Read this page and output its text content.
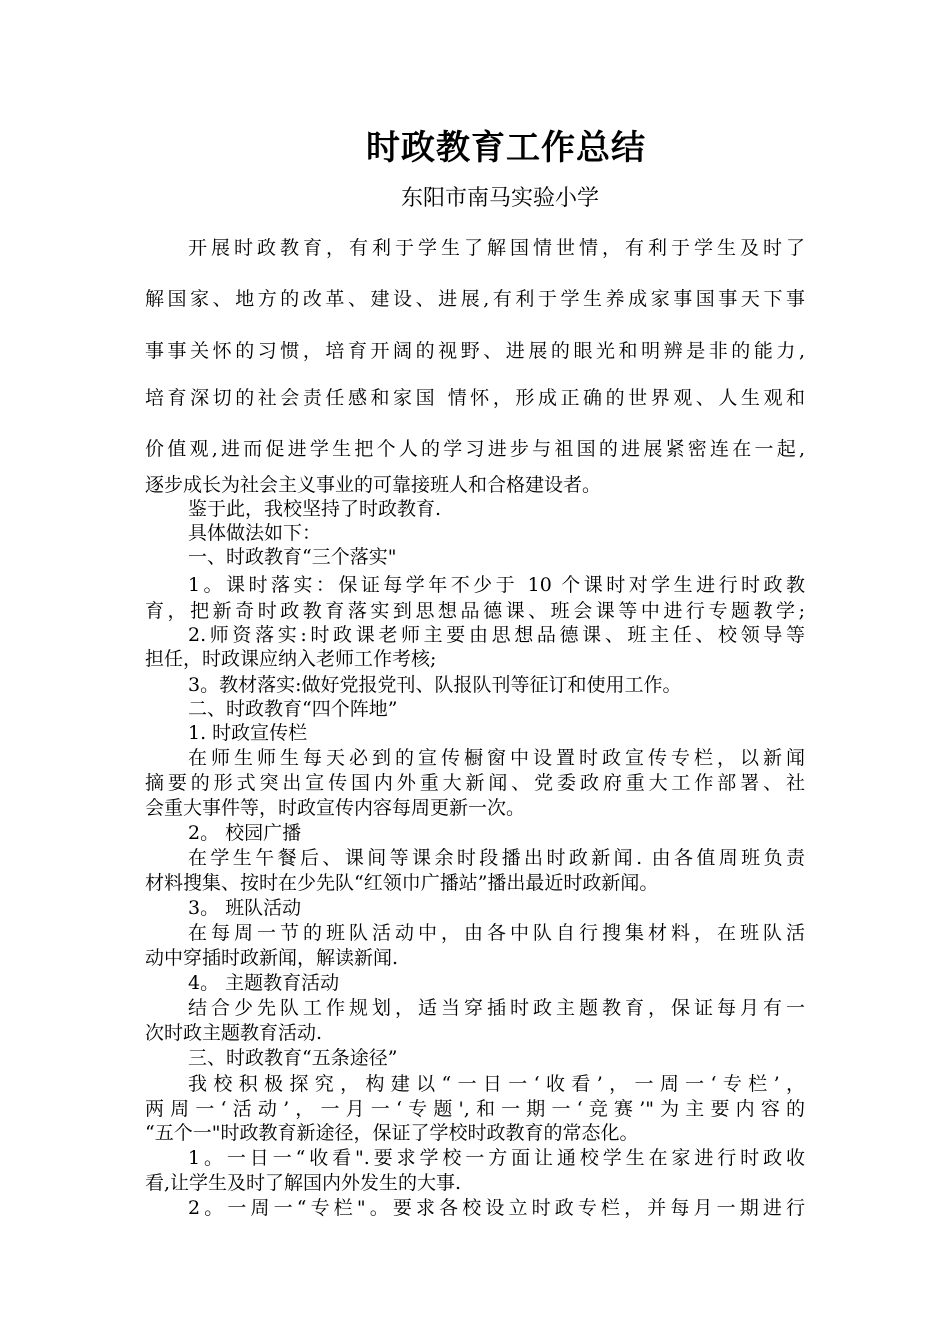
时政教育工作总结
东阳市南马实验小学
开展时政教育，有利于学生了解国情世情，有利于学生及时了
解国家、地方的改革、建设、进展,有利于学生养成家事国事天下事
事事关怀的习惯，培育开阔的视野、进展的眼光和明辨是非的能力,
培育深切的社会责任感和家国 情怀，形成正确的世界观、人生观和
价值观,进而促进学生把个人的学习进步与祖国的进展紧密连在一起,
逐步成长为社会主义事业的可靠接班人和合格建设者。
鉴于此，我校坚持了时政教育.
具体做法如下：
一、时政教育“三个落实"
1。课时落实：保证每学年不少于 10 个课时对学生进行时政教
育，把新奇时政教育落实到思想品德课、班会课等中进行专题教学;
2.师资落实:时政课老师主要由思想品德课、班主任、校领导等
担任，时政课应纳入老师工作考核;
3。教材落实:做好党报党刊、队报队刊等征订和使用工作。
二、时政教育“四个阵地”
1. 时政宣传栏
在师生师生每天必到的宣传橱窗中设置时政宣传专栏，以新闻
摘要的形式突出宣传国内外重大新闻、党委政府重大工作部署、社
会重大事件等，时政宣传内容每周更新一次。
2。 校园广播
在学生午餐后、课间等课余时段播出时政新闻. 由各值周班负责
材料搜集、按时在少先队“红领巾广播站”播出最近时政新闻。
3。 班队活动
在每周一节的班队活动中，由各中队自行搜集材料，在班队活
动中穿插时政新闻，解读新闻.
4。 主题教育活动
结合少先队工作规划，适当穿插时政主题教育，保证每月有一
次时政主题教育活动.
三、时政教育“五条途径”
我校积极探究，构建以“一日一‘收看’，一周一‘专栏’，
两周一‘活动’，一月一‘专题',和一期一‘竞赛’"为主要内容的
“五个一"时政教育新途径，保证了学校时政教育的常态化。
1。一日一“收看".要求学校一方面让通校学生在家进行时政收
看,让学生及时了解国内外发生的大事.
2。一周一“专栏"。要求各校设立时政专栏，并每月一期进行
